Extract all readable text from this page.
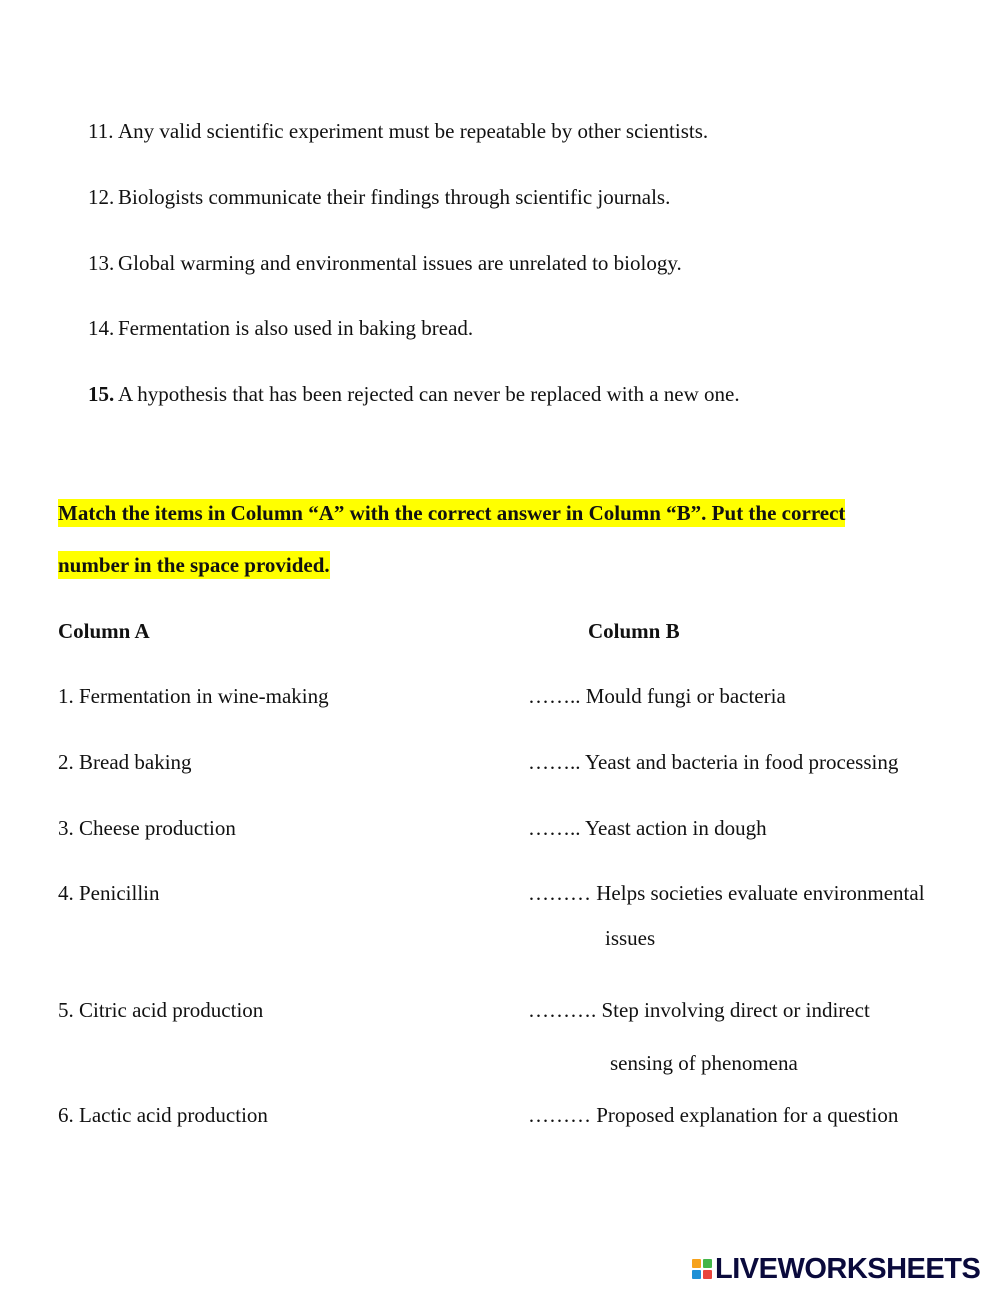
11. Any valid scientific experiment must be repeatable by other scientists.
12. Biologists communicate their findings through scientific journals.
13. Global warming and environmental issues are unrelated to biology.
14. Fermentation is also used in baking bread.
15. A hypothesis that has been rejected can never be replaced with a new one.
Match the items in Column “A” with the correct answer in Column “B”. Put the correct
number in the space provided.
Column A	Column B
1. Fermentation in wine-making
2. Bread baking
3. Cheese production
4. Penicillin
5. Citric acid production
6. Lactic acid production
…….. Mould fungi or bacteria
…….. Yeast and bacteria in food processing
…….. Yeast action in dough
……… Helps societies evaluate environmental
issues
………. Step involving direct or indirect
sensing of phenomena
……… Proposed explanation for a question
LIVEWORKSHEETS
